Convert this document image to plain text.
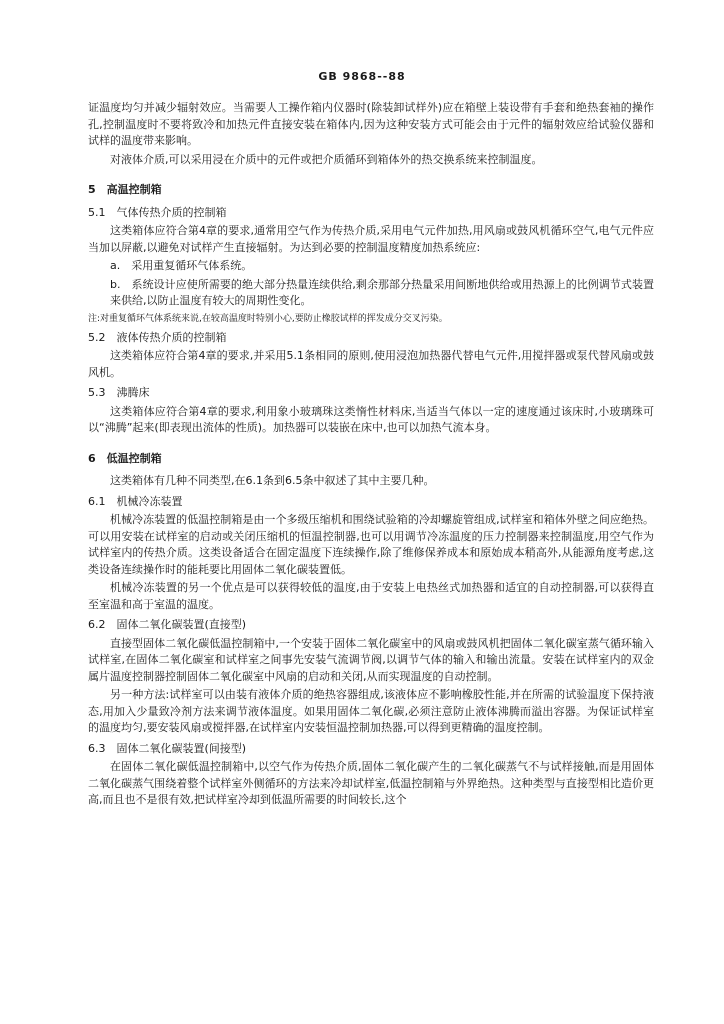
GB 9868--88

证温度均匀并减少辐射效应。当需要人工操作箱内仪器时(除装卸试样外)应在箱壁上装设带有手套和绝热套袖的操作孔,控制温度时不要将致冷和加热元件直接安装在箱体内,因为这种安装方式可能会由于元件的辐射效应给试验仪器和试样的温度带来影响。

对液体介质,可以采用浸在介质中的元件或把介质循环到箱体外的热交换系统来控制温度。

5　高温控制箱

5.1　气体传热介质的控制箱

这类箱体应符合第4章的要求,通常用空气作为传热介质,采用电气元件加热,用风扇或鼓风机循环空气,电气元件应当加以屏蔽,以避免对试样产生直接辐射。为达到必要的控制温度精度加热系统应:

a.　采用重复循环气体系统。

b.　系统设计应使所需要的绝大部分热量连续供给,剩余那部分热量采用间断地供给或用热源上的比例调节式装置来供给,以防止温度有较大的周期性变化。

注:对重复循环气体系统来说,在较高温度时特别小心,要防止橡胶试样的挥发成分交叉污染。

5.2　液体传热介质的控制箱

这类箱体应符合第4章的要求,并采用5.1条相同的原则,使用浸泡加热器代替电气元件,用搅拌器或泵代替风扇或鼓风机。

5.3　沸腾床

这类箱体应符合第4章的要求,利用象小玻璃珠这类惰性材料床,当适当气体以一定的速度通过该床时,小玻璃珠可以“沸腾”起来(即表现出流体的性质)。加热器可以装嵌在床中,也可以加热气流本身。

6　低温控制箱

这类箱体有几种不同类型,在6.1条到6.5条中叙述了其中主要几种。

6.1　机械冷冻装置

机械冷冻装置的低温控制箱是由一个多级压缩机和围绕试验箱的冷却螺旋管组成,试样室和箱体外壁之间应绝热。可以用安装在试样室的启动或关闭压缩机的恒温控制器,也可以用调节冷冻温度的压力控制器来控制温度,用空气作为试样室内的传热介质。这类设备适合在固定温度下连续操作,除了维修保养成本和原始成本稍高外,从能源角度考虑,这类设备连续操作时的能耗要比用固体二氧化碳装置低。

机械冷冻装置的另一个优点是可以获得较低的温度,由于安装上电热丝式加热器和适宜的自动控制器,可以获得直至室温和高于室温的温度。

6.2　固体二氧化碳装置(直接型)

直接型固体二氧化碳低温控制箱中,一个安装于固体二氧化碳室中的风扇或鼓风机把固体二氧化碳室蒸气循环输入试样室,在固体二氧化碳室和试样室之间事先安装气流调节阀,以调节气体的输入和输出流量。安装在试样室内的双金属片温度控制器控制固体二氧化碳室中风扇的启动和关闭,从而实现温度的自动控制。

另一种方法:试样室可以由装有液体介质的绝热容器组成,该液体应不影响橡胶性能,并在所需的试验温度下保持液态,用加入少量致冷剂方法来调节液体温度。如果用固体二氧化碳,必须注意防止液体沸腾而溢出容器。为保证试样室的温度均匀,要安装风扇或搅拌器,在试样室内安装恒温控制加热器,可以得到更精确的温度控制。

6.3　固体二氧化碳装置(间接型)

在固体二氧化碳低温控制箱中,以空气作为传热介质,固体二氧化碳产生的二氧化碳蒸气不与试样接触,而是用固体二氧化碳蒸气围绕着整个试样室外侧循环的方法来冷却试样室,低温控制箱与外界绝热。这种类型与直接型相比造价更高,而且也不是很有效,把试样室冷却到低温所需要的时间较长,这个
